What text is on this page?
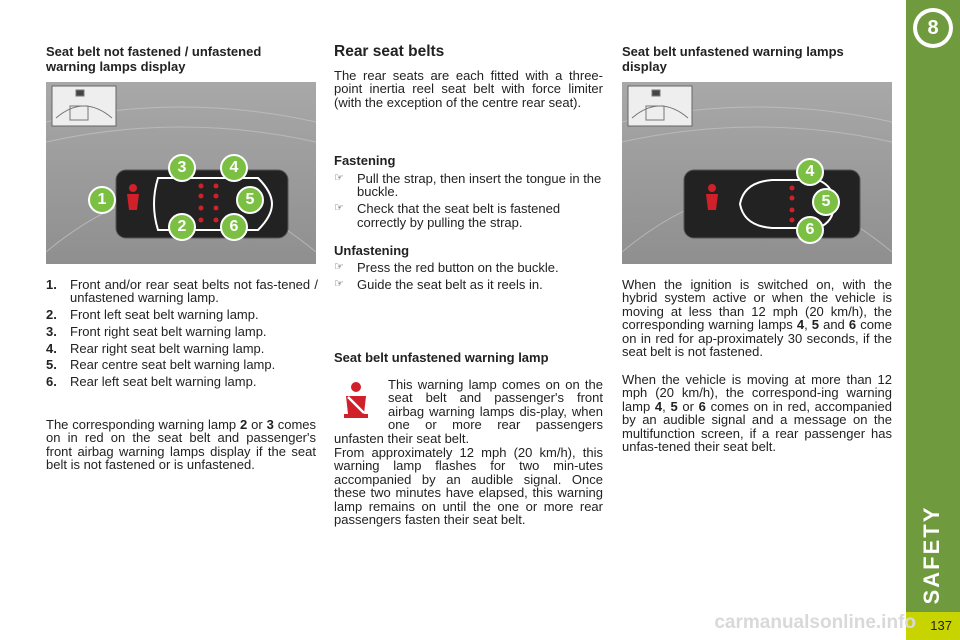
8
SAFETY
137
carmanualsonline.info
Seat belt not fastened / unfastened
warning lamps display
1
2
3	4
5
6
1.	Front and/or rear seat belts not fas-tened / unfastened warning lamp.
2.	Front left seat belt warning lamp.
3.	Front right seat belt warning lamp.
4.	Rear right seat belt warning lamp.
5.	Rear centre seat belt warning lamp.
6.	Rear left seat belt warning lamp.
The corresponding warning lamp 2 or 3 comes on in red on the seat belt and passenger's front airbag warning lamps display if the seat belt is not fastened or is unfastened.
Rear seat belts
The rear seats are each fitted with a three-point inertia reel seat belt with force limiter (with the exception of the centre rear seat).
Fastening
☞	Pull the strap, then insert the tongue in the buckle.
☞	Check that the seat belt is fastened correctly by pulling the strap.
Unfastening
☞	Press the red button on the buckle.
☞	Guide the seat belt as it reels in.
Seat belt unfastened warning lamp
This warning lamp comes on on the seat belt and passenger's front airbag warning lamps dis-play, when one or more rear passengers unfasten their seat belt.
From approximately 12 mph (20 km/h), this warning lamp flashes for two min-utes accompanied by an audible signal. Once these two minutes have elapsed, this warning lamp remains on until the one or more rear passengers fasten their seat belt.
Seat belt unfastened warning lamps
display
4
5
6
When the ignition is switched on, with the hybrid system active or when the vehicle is moving at less than 12 mph (20 km/h), the corresponding warning lamps 4, 5 and 6 come on in red for ap-proximately 30 seconds, if the seat belt is not fastened.
When the vehicle is moving at more than 12 mph (20 km/h), the correspond-ing warning lamp 4, 5 or 6 comes on in red, accompanied by an audible signal and a message on the multifunction screen, if a rear passenger has unfas-tened their seat belt.
